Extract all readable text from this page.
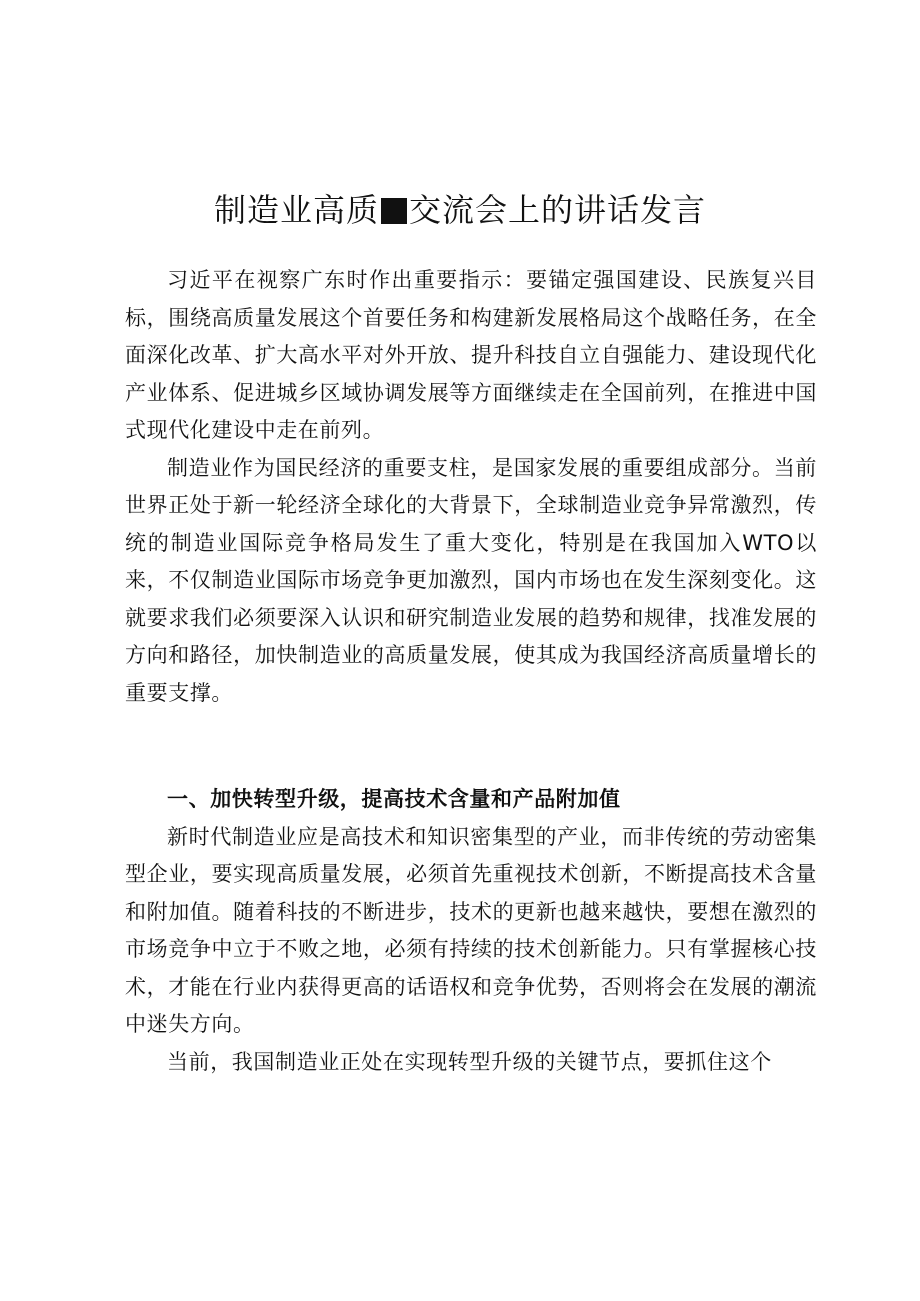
制造业高质 交流会上的讲话发言

习近平在视察广东时作出重要指示：要锚定强国建设、民族复兴目标，围绕高质量发展这个首要任务和构建新发展格局这个战略任务，在全面深化改革、扩大高水平对外开放、提升科技自立自强能力、建设现代化产业体系、促进城乡区域协调发展等方面继续走在全国前列，在推进中国式现代化建设中走在前列。

制造业作为国民经济的重要支柱，是国家发展的重要组成部分。当前世界正处于新一轮经济全球化的大背景下，全球制造业竞争异常激烈，传统的制造业国际竞争格局发生了重大变化，特别是在我国加入WTO以来，不仅制造业国际市场竞争更加激烈，国内市场也在发生深刻变化。这就要求我们必须要深入认识和研究制造业发展的趋势和规律，找准发展的方向和路径，加快制造业的高质量发展，使其成为我国经济高质量增长的重要支撑。

一、加快转型升级，提高技术含量和产品附加值

新时代制造业应是高技术和知识密集型的产业，而非传统的劳动密集型企业，要实现高质量发展，必须首先重视技术创新，不断提高技术含量和附加值。随着科技的不断进步，技术的更新也越来越快，要想在激烈的市场竞争中立于不败之地，必须有持续的技术创新能力。只有掌握核心技术，才能在行业内获得更高的话语权和竞争优势，否则将会在发展的潮流中迷失方向。

当前，我国制造业正处在实现转型升级的关键节点，要抓住这个
